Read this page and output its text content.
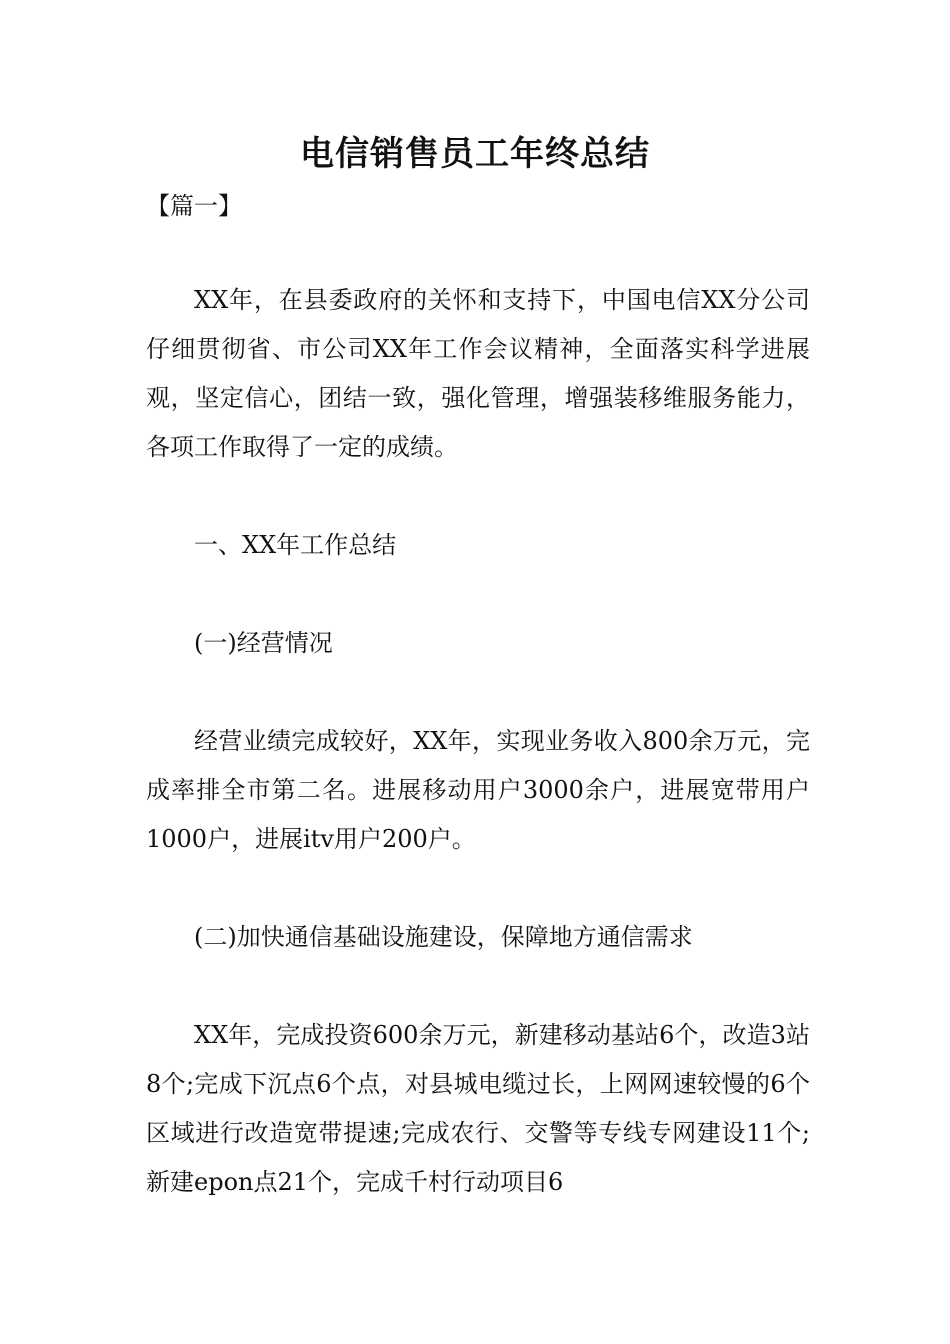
电信销售员工年终总结
【篇一】

XX年，在县委政府的关怀和支持下，中国电信XX分公司仔细贯彻省、市公司XX年工作会议精神，全面落实科学进展观，坚定信心，团结一致，强化管理，增强装移维服务能力，各项工作取得了一定的成绩。

一、XX年工作总结

(一)经营情况

经营业绩完成较好，XX年，实现业务收入800余万元，完成率排全市第二名。进展移动用户3000余户，进展宽带用户1000户，进展itv用户200户。

(二)加快通信基础设施建设，保障地方通信需求

XX年，完成投资600余万元，新建移动基站6个，改造3站8个;完成下沉点6个点，对县城电缆过长，上网网速较慢的6个区域进行改造宽带提速;完成农行、交警等专线专网建设11个;新建epon点21个，完成千村行动项目6
